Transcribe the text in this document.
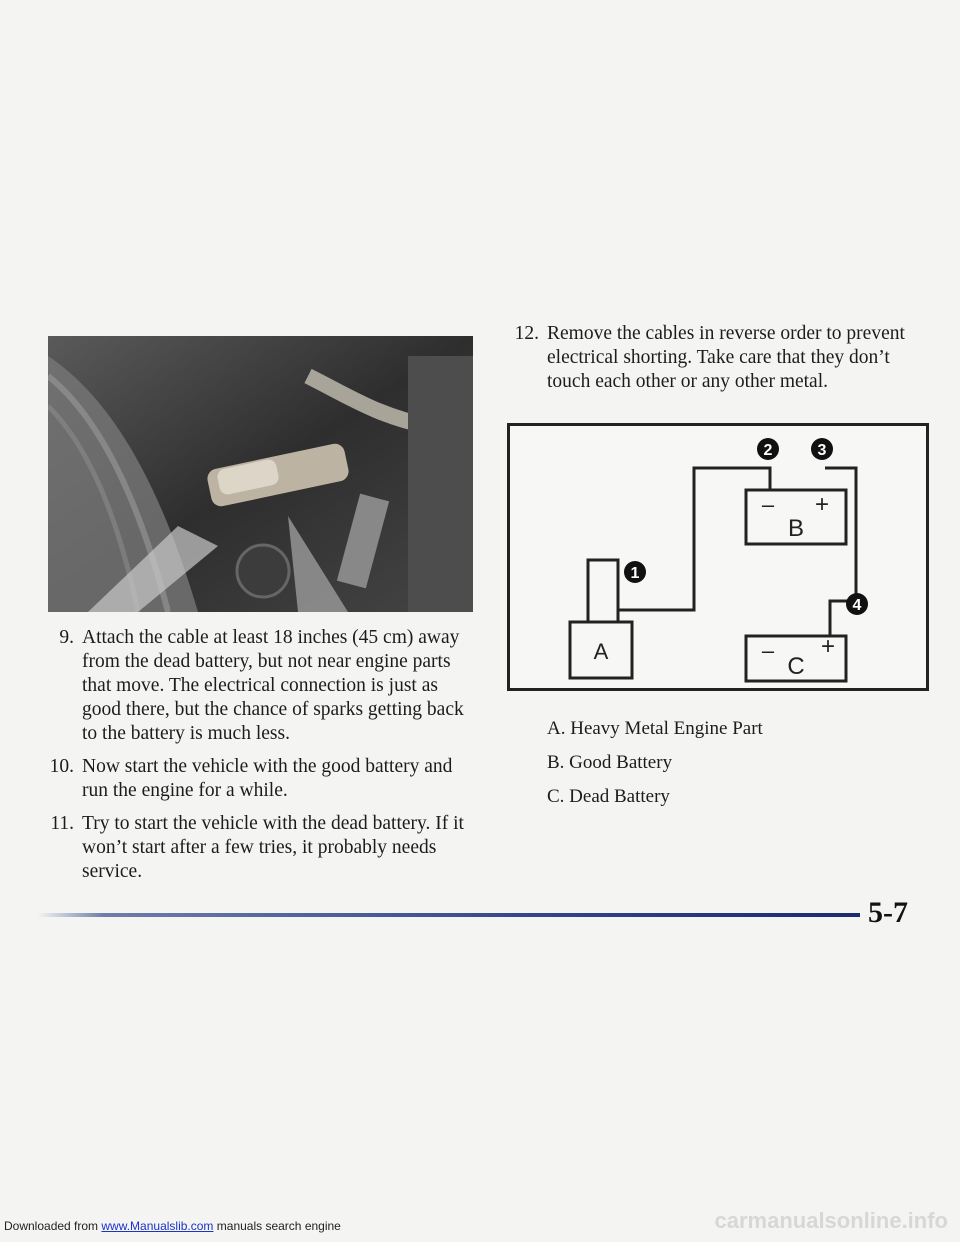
9. Attach the cable at least 18 inches (45 cm) away from the dead battery, but not near engine parts that move. The electrical connection is just as good there, but the chance of sparks getting back to the battery is much less.
10. Now start the vehicle with the good battery and run the engine for a while.
11. Try to start the vehicle with the dead battery. If it won’t start after a few tries, it probably needs service.
12. Remove the cables in reverse order to prevent electrical shorting. Take care that they don’t touch each other or any other metal.
– +
B
– +
C
A
2	3
1
4
A. Heavy Metal Engine Part
B. Good Battery
C. Dead Battery
5-7
Downloaded from www.Manualslib.com manuals search engine	carmanualsonline.info
